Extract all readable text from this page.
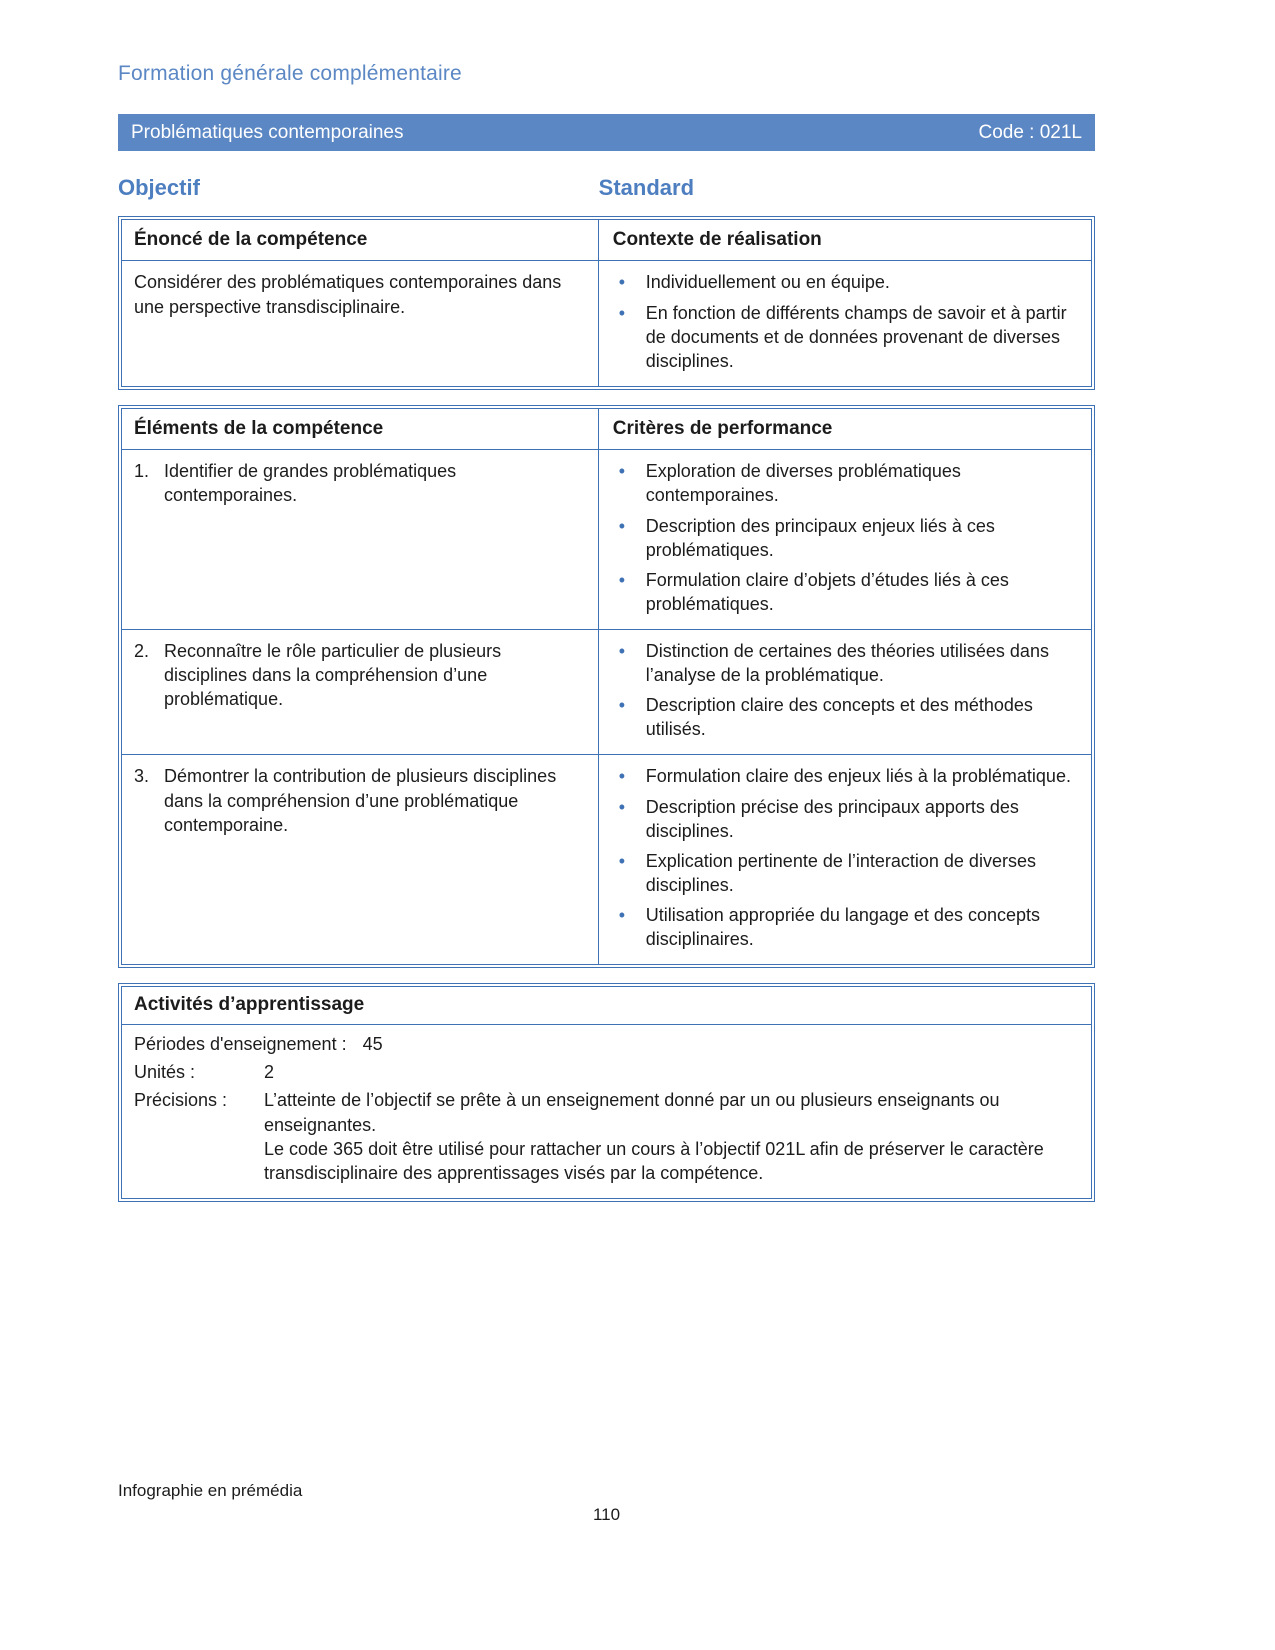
Formation générale complémentaire
Problématiques contemporaines	Code : 021L
Objectif	Standard
Énoncé de la compétence	Contexte de réalisation
Considérer des problématiques contemporaines dans une perspective transdisciplinaire.
•	Individuellement ou en équipe.
•	En fonction de différents champs de savoir et à partir de documents et de données provenant de diverses disciplines.
Éléments de la compétence	Critères de performance
1. Identifier de grandes problématiques contemporaines.
•	Exploration de diverses problématiques contemporaines.
•	Description des principaux enjeux liés à ces problématiques.
•	Formulation claire d’objets d’études liés à ces problématiques.
2. Reconnaître le rôle particulier de plusieurs disciplines dans la compréhension d’une problématique.
•	Distinction de certaines des théories utilisées dans l’analyse de la problématique.
•	Description claire des concepts et des méthodes utilisés.
3. Démontrer la contribution de plusieurs disciplines dans la compréhension d’une problématique contemporaine.
•	Formulation claire des enjeux liés à la problématique.
•	Description précise des principaux apports des disciplines.
•	Explication pertinente de l’interaction de diverses disciplines.
•	Utilisation appropriée du langage et des concepts disciplinaires.
Activités d’apprentissage
Périodes d'enseignement : 45
Unités :	2
Précisions :	L’atteinte de l’objectif se prête à un enseignement donné par un ou plusieurs enseignants ou enseignantes.
Le code 365 doit être utilisé pour rattacher un cours à l’objectif 021L afin de préserver le caractère transdisciplinaire des apprentissages visés par la compétence.
Infographie en prémédia
110
